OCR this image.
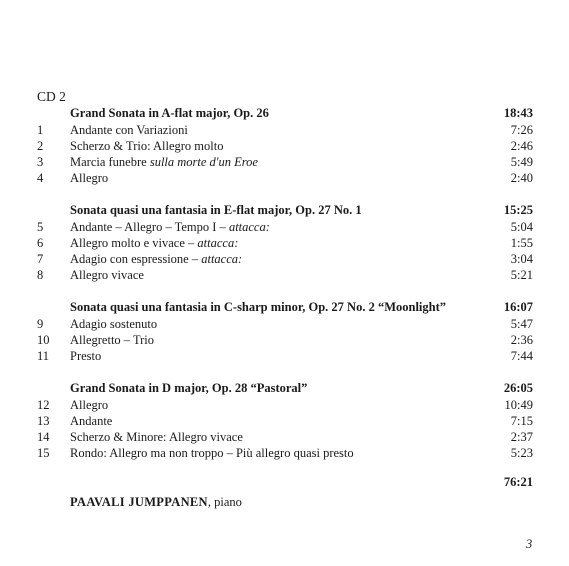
CD 2
Grand Sonata in A-flat major, Op. 26	18:43
1	Andante con Variazioni	7:26
2	Scherzo & Trio: Allegro molto	2:46
3	Marcia funebre sulla morte d'un Eroe	5:49
4	Allegro	2:40
Sonata quasi una fantasia in E-flat major, Op. 27 No. 1	15:25
5	Andante – Allegro – Tempo I – attacca:	5:04
6	Allegro molto e vivace – attacca:	1:55
7	Adagio con espressione – attacca:	3:04
8	Allegro vivace	5:21
Sonata quasi una fantasia in C-sharp minor, Op. 27 No. 2 “Moonlight”	16:07
9	Adagio sostenuto	5:47
10	Allegretto – Trio	2:36
11	Presto	7:44
Grand Sonata in D major, Op. 28 “Pastoral”	26:05
12	Allegro	10:49
13	Andante	7:15
14	Scherzo & Minore: Allegro vivace	2:37
15	Rondo: Allegro ma non troppo – Più allegro quasi presto	5:23
76:21
PAAVALI JUMPPANEN, piano
3
